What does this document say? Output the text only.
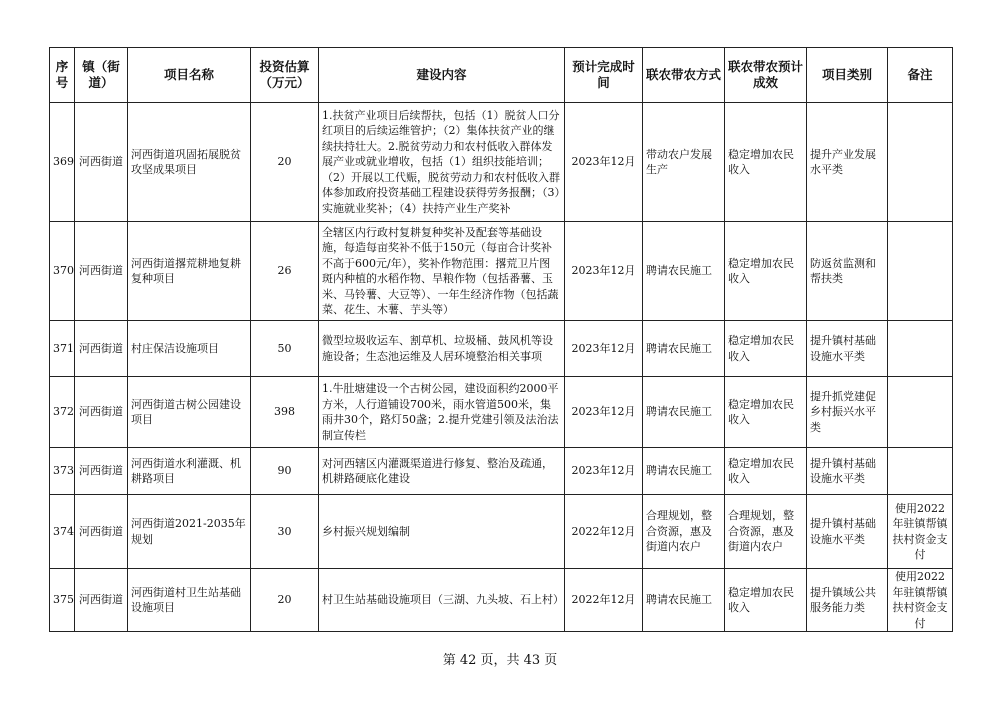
序号	镇（街道）	项目名称	投资估算（万元）	建设内容	预计完成时间	联农带农方式	联农带农预计成效	项目类别	备注
369	河西街道	河西街道巩固拓展脱贫攻坚成果项目	20	1.扶贫产业项目后续帮扶，包括（1）脱贫人口分红项目的后续运维管护；（2）集体扶贫产业的继续扶持壮大。2.脱贫劳动力和农村低收入群体发展产业或就业增收，包括（1）组织技能培训；（2）开展以工代赈，脱贫劳动力和农村低收入群体参加政府投资基础工程建设获得劳务报酬；（3）实施就业奖补；（4）扶持产业生产奖补	2023年12月	带动农户发展生产	稳定增加农民收入	提升产业发展水平类	
370	河西街道	河西街道撂荒耕地复耕复种项目	26	全辖区内行政村复耕复种奖补及配套等基础设施，每造每亩奖补不低于150元（每亩合计奖补不高于600元/年），奖补作物范围：撂荒卫片图斑内种植的水稻作物、旱粮作物（包括番薯、玉米、马铃薯、大豆等）、一年生经济作物（包括蔬菜、花生、木薯、芋头等）	2023年12月	聘请农民施工	稳定增加农民收入	防返贫监测和帮扶类	
371	河西街道	村庄保洁设施项目	50	微型垃圾收运车、割草机、垃圾桶、鼓风机等设施设备；生态池运维及人居环境整治相关事项	2023年12月	聘请农民施工	稳定增加农民收入	提升镇村基础设施水平类	
372	河西街道	河西街道古树公园建设项目	398	1.牛肚塘建设一个古树公园，建设面积约2000平方米，人行道铺设700米，雨水管道500米，集雨井30个，路灯50盏；2.提升党建引领及法治法制宣传栏	2023年12月	聘请农民施工	稳定增加农民收入	提升抓党建促乡村振兴水平类	
373	河西街道	河西街道水利灌溉、机耕路项目	90	对河西辖区内灌溉渠道进行修复、整治及疏通，机耕路硬底化建设	2023年12月	聘请农民施工	稳定增加农民收入	提升镇村基础设施水平类	
374	河西街道	河西街道2021-2035年规划	30	乡村振兴规划编制	2022年12月	合理规划，整合资源，惠及街道内农户	合理规划，整合资源，惠及街道内农户	提升镇村基础设施水平类	使用2022年驻镇帮镇扶村资金支付
375	河西街道	河西街道村卫生站基础设施项目	20	村卫生站基础设施项目（三湖、九头坡、石上村）	2022年12月	聘请农民施工	稳定增加农民收入	提升镇域公共服务能力类	使用2022年驻镇帮镇扶村资金支付
第 42 页，共 43 页
